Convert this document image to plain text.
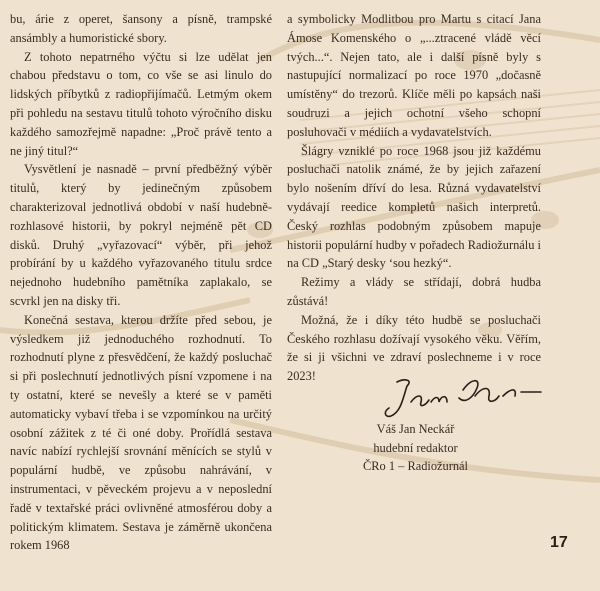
bu, árie z operet, šansony a písně, trampské ansámbly a humoristické sbory.

Z tohoto nepatrného výčtu si lze udělat jen chabou představu o tom, co vše se asi linulo do lidských příbytků z radiopřijímačů. Letmým okem při pohledu na sestavu titulů tohoto výročního disku každého samozřejmě napadne: „Proč právě tento a ne jiný titul?“

Vysvětlení je nasnadě – první předběžný výběr titulů, který by jedinečným způsobem charakterizoval jednotlivá období v naší hudebně-rozhlasové historii, by pokryl nejméně pět CD disků. Druhý „vyřazovací“ výběr, při jehož probírání by u každého vyřazovaného titulu srdce nejednoho hudebního pamětníka zaplakalo, se scvrkl jen na disky tři.

Konečná sestava, kterou držíte před sebou, je výsledkem již jednoduchého rozhodnutí. To rozhodnutí plyne z přesvědčení, že každý posluchač si při poslechnutí jednotlivých písní vzpomene i na ty ostatní, které se nevešly a které se v paměti automaticky vybaví třeba i se vzpomínkou na určitý osobní zážitek z té či oné doby. Prořídlá sestava navíc nabízí rychlejší srovnání měnících se stylů v populární hudbě, ve způsobu nahrávání, v instrumentaci, v pěveckém projevu a v neposlední řadě v textařské práci ovlivněné atmosférou doby a politickým klimatem. Sestava je záměrně ukončena rokem 1968

a symbolicky Modlitbou pro Martu s citací Jana Ámose Komenského o „...ztracené vládě věcí tvých...“. Nejen tato, ale i další písně byly s nastupující normalizací po roce 1970 „dočasně umístěny“ do trezorů. Klíče měli po kapsách naši soudruzi a jejich ochotní všeho schopní posluhovači v médiích a vydavatelstvích.

Šlágry vzniklé po roce 1968 jsou již každému posluchači natolik známé, že by jejich zařazení bylo nošením dříví do lesa. Různá vydavatelství vydávají reedice kompletů našich interpretů. Český rozhlas podobným způsobem mapuje historii populární hudby v pořadech Radiožurnálu i na CD „Starý desky ‘sou hezký“.

Režimy a vlády se střídají, dobrá hudba zůstává!

Možná, že i díky této hudbě se posluchači Českého rozhlasu dožívají vysokého věku. Věřím, že si ji všichni ve zdraví poslechneme i v roce 2023!

Váš Jan Neckář
hudební redaktor
ČRo 1 – Radiožurnál
17
